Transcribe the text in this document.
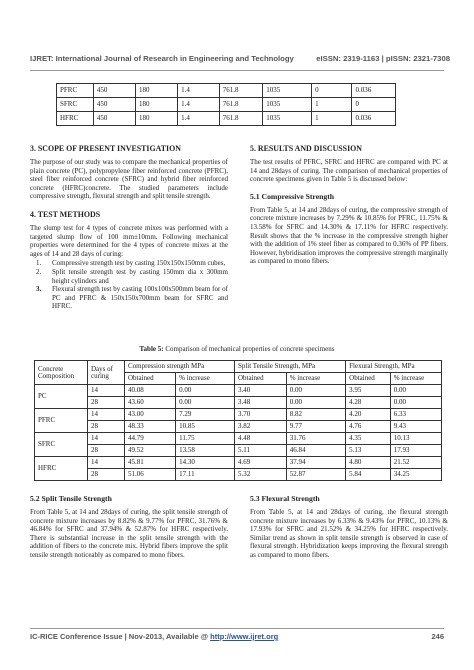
IJRET: International Journal of Research in Engineering and Technology	eISSN: 2319-1163 | pISSN: 2321-7308
PFRC	450	180	1.4	761.8	1035	0	0.036
SFRC	450	180	1.4	761.8	1035	1	0
HFRC	450	180	1.4	761.8	1035	1	0.036
3. SCOPE OF PRESENT INVESTIGATION

The purpose of our study was to compare the mechanical properties of plain concrete (PC), polypropylene fiber reinforced concrete (PFRC), steel fiber reinforced concrete (SFRC) and hybrid fiber reinforced concrete (HFRC)concrete. The studied parameters include compressive strength, flexural strength and split tensile strength.

4. TEST METHODS

The slump test for 4 types of concrete mixes was performed with a targeted slump flow of 100 mm±10mm. Following mechanical properties were determined for the 4 types of concrete mixes at the ages of 14 and 28 days of curing:

1.	Compressive strength test by casting 150x150x150mm cubes,
2.	Split tensile strength test by casting 150mm dia x 300mm height cylinders and
3.	Flexural strength test by casting 100x100x500mm beam for of PC and PFRC & 150x150x700mm beam for SFRC and HFRC.
5. RESULTS AND DISCUSSION

The test results of PFRC, SFRC and HFRC are compared with PC at 14 and 28days of curing. The comparison of mechanical properties of concrete specimens given in Table 5 is discussed below:

5.1 Compressive Strength

From Table 5, at 14 and 28days of curing, the compressive strength of concrete mixture increases by 7.29% & 10.85% for PFRC, 11.75% & 13.58% for SFRC and 14.30% & 17.11% for HFRC respectively. Result shows that the % increase in the compressive strength higher with the addition of 1% steel fiber as compared to 0.36% of PP fibers. However, hybridisation improves the compressive strength marginally as compared to mono fibers.

Table 5: Comparison of mechanical properties of concrete specimens
Concrete Composition	Days of curing	Compression strength MPa		Split Tensile Strength, MPa		Flexural Strength, MPa	
		Obtained	% increase	Obtained	% increase	Obtained	% increase
PC	14	40.08	0.00	3.40	0.00	3.95	0.00
	28	43.60	0.00	3.48	0.00	4.28	0.00
PFRC	14	43.00	7.29	3.70	8.82	4.20	6.33
	28	48.33	10.85	3.82	9.77	4.76	9.43
SFRC	14	44.79	11.75	4.48	31.76	4.35	10.13
	28	49.52	13.58	5.11	46.84	5.13	17.93
HFRC	14	45.81	14.30	4.69	37.94	4.80	21.52
	28	51.06	17.11	5.32	52.87	5.84	34.25
5.2 Split Tensile Strength

From Table 5, at 14 and 28days of curing, the split tensile strength of concrete mixture increases by 8.82% & 9.77% for PFRC, 31.76% & 46.84% for SFRC and 37.94% & 52.87% for HFRC respectively. There is substantial increase in the split tensile strength with the addition of fibers to the concrete mix. Hybrid fibers improve the split tensile strength noticeably as compared to mono fibers.

5.3 Flexural Strength

From Table 5, at 14 and 28days of curing, the flexural strength concrete mixture increases by 6.33% & 9.43% for PFRC, 10.13% & 17.93% for SFRC and 21.52% & 34.25% for HFRC respectively. Similar trend as shown in split tensile strength is observed in case of flexural strength. Hybridization keeps improving the flexural strength as compared to mono fibers.

IC-RICE Conference Issue | Nov-2013, Available @ http://www.ijret.org	246
